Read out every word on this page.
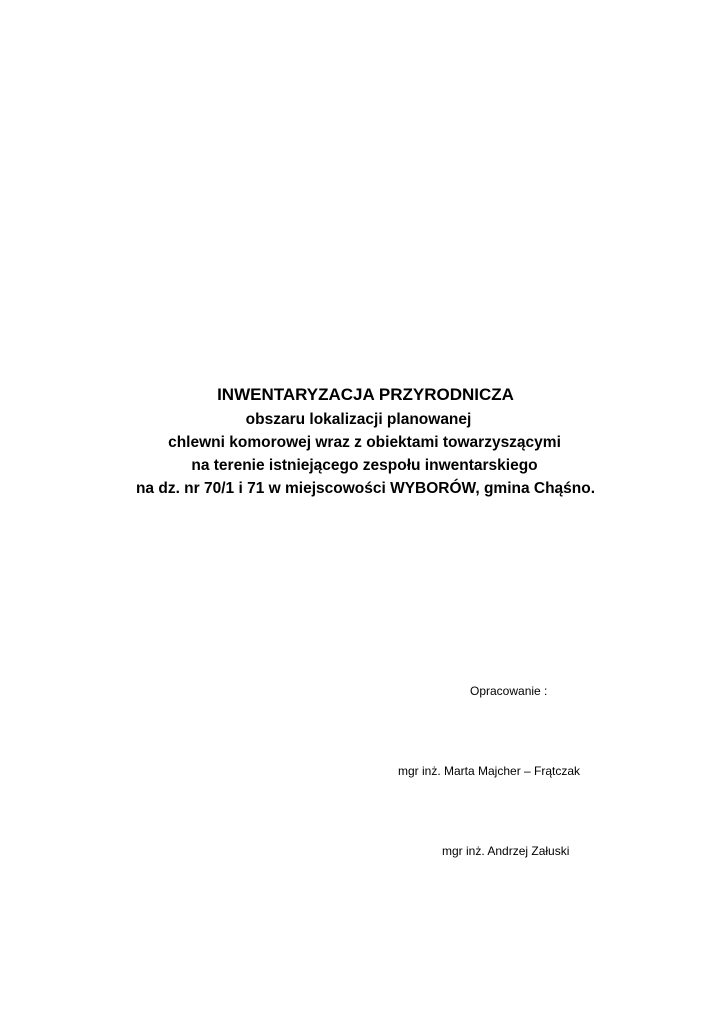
INWENTARYZACJA PRZYRODNICZA
obszaru lokalizacji planowanej
chlewni komorowej wraz z obiektami towarzyszącymi
na terenie istniejącego zespołu inwentarskiego
na dz. nr 70/1 i 71 w miejscowości WYBORÓW, gmina Chąśno.
Opracowanie :
mgr inż. Marta Majcher – Frątczak
mgr inż. Andrzej Załuski
